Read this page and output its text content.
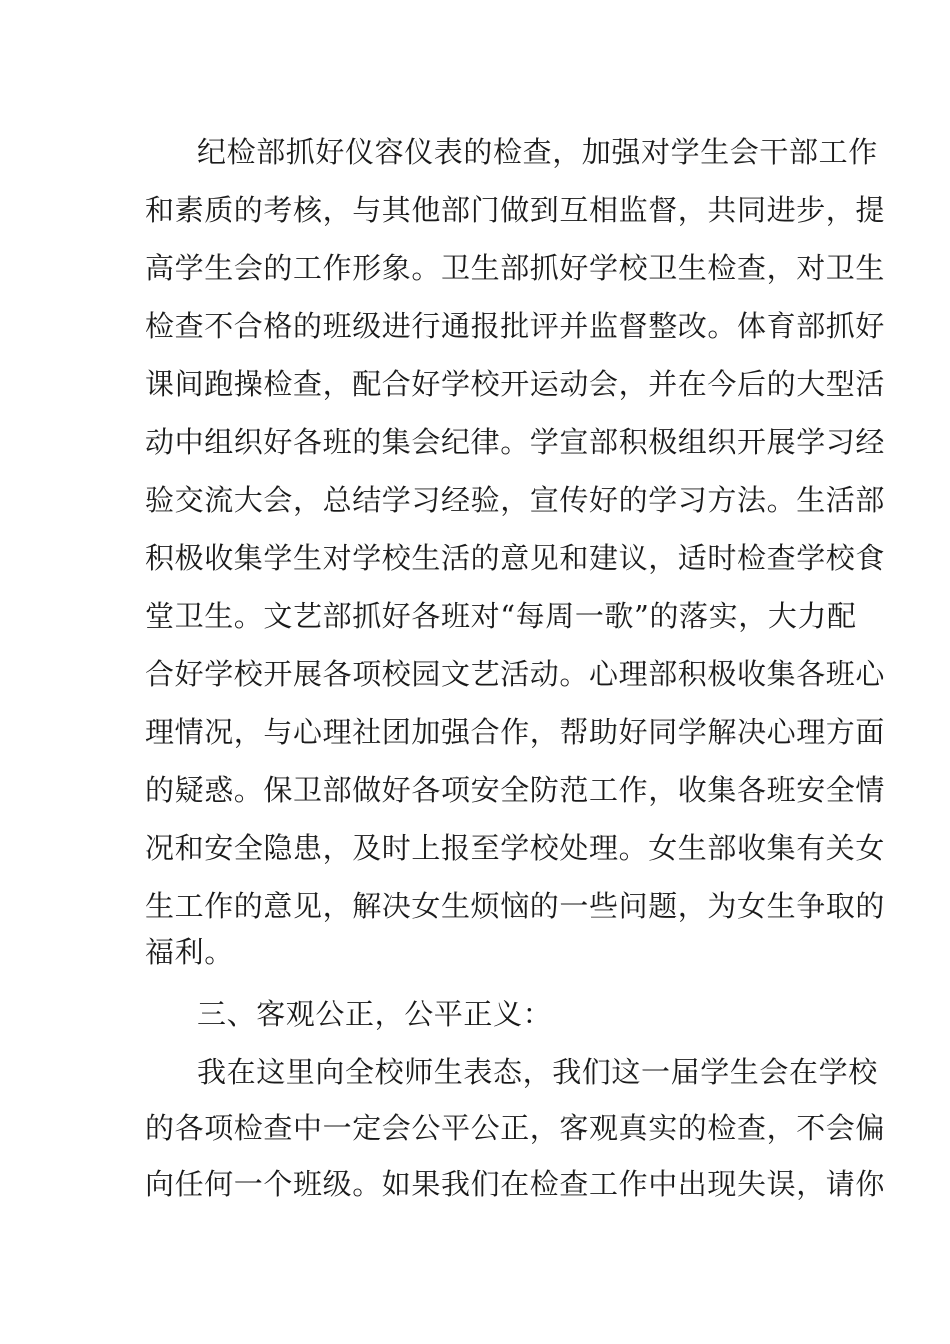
纪检部抓好仪容仪表的检查，加强对学生会干部工作
和素质的考核，与其他部门做到互相监督，共同进步，提
高学生会的工作形象。卫生部抓好学校卫生检查，对卫生
检查不合格的班级进行通报批评并监督整改。体育部抓好
课间跑操检查，配合好学校开运动会，并在今后的大型活
动中组织好各班的集会纪律。学宣部积极组织开展学习经
验交流大会，总结学习经验，宣传好的学习方法。生活部
积极收集学生对学校生活的意见和建议，适时检查学校食
堂卫生。文艺部抓好各班对“每周一歌”的落实，大力配
合好学校开展各项校园文艺活动。心理部积极收集各班心
理情况，与心理社团加强合作，帮助好同学解决心理方面
的疑惑。保卫部做好各项安全防范工作，收集各班安全情
况和安全隐患，及时上报至学校处理。女生部收集有关女
生工作的意见，解决女生烦恼的一些问题，为女生争取的
福利。
三、客观公正，公平正义：
我在这里向全校师生表态，我们这一届学生会在学校
的各项检查中一定会公平公正，客观真实的检查，不会偏
向任何一个班级。如果我们在检查工作中出现失误，请你
